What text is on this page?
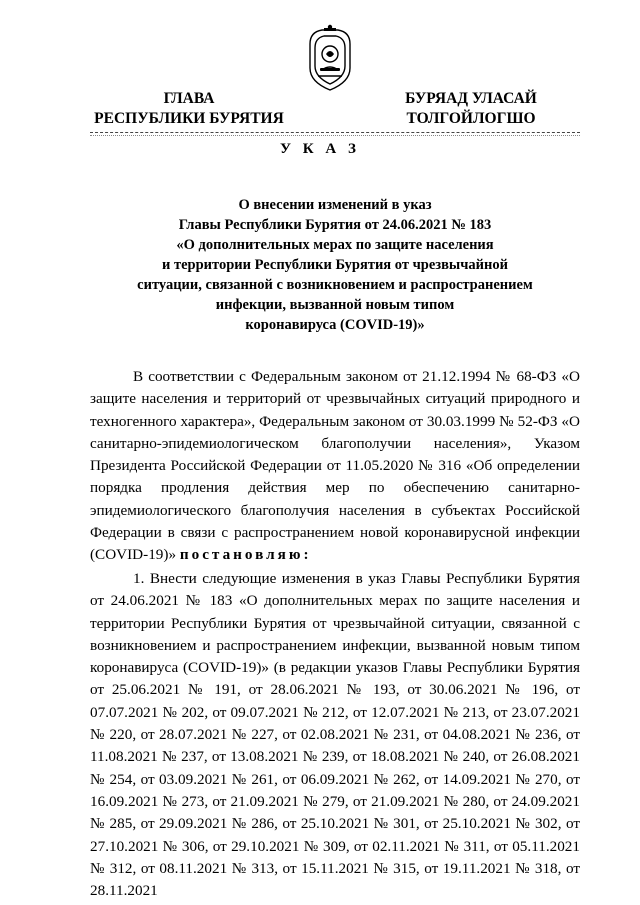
ГЛАВА
РЕСПУБЛИКИ БУРЯТИЯ
БУРЯАД УЛАСАЙ
ТОЛГОЙЛОГШО
У К А З
О внесении изменений в указ
Главы Республики Бурятия от 24.06.2021 № 183
«О дополнительных мерах по защите населения
и территории Республики Бурятия от чрезвычайной
ситуации, связанной с возникновением и распространением
инфекции, вызванной новым типом
коронавируса (COVID-19)»
В соответствии с Федеральным законом от 21.12.1994 № 68-ФЗ «О защите населения и территорий от чрезвычайных ситуаций природного и техногенного характера», Федеральным законом от 30.03.1999 № 52-ФЗ «О санитарно-эпидемиологическом благополучии населения», Указом Президента Российской Федерации от 11.05.2020 № 316 «Об определении порядка продления действия мер по обеспечению санитарно-эпидемиологического благополучия населения в субъектах Российской Федерации в связи с распространением новой коронавирусной инфекции (COVID-19)» постановляю:
1. Внести следующие изменения в указ Главы Республики Бурятия от 24.06.2021 № 183 «О дополнительных мерах по защите населения и территории Республики Бурятия от чрезвычайной ситуации, связанной с возникновением и распространением инфекции, вызванной новым типом коронавируса (COVID-19)» (в редакции указов Главы Республики Бурятия от 25.06.2021 № 191, от 28.06.2021 № 193, от 30.06.2021 № 196, от 07.07.2021 № 202, от 09.07.2021 № 212, от 12.07.2021 № 213, от 23.07.2021 № 220, от 28.07.2021 № 227, от 02.08.2021 № 231, от 04.08.2021 № 236, от 11.08.2021 № 237, от 13.08.2021 № 239, от 18.08.2021 № 240, от 26.08.2021 № 254, от 03.09.2021 № 261, от 06.09.2021 № 262, от 14.09.2021 № 270, от 16.09.2021 № 273, от 21.09.2021 № 279, от 21.09.2021 № 280, от 24.09.2021 № 285, от 29.09.2021 № 286, от 25.10.2021 № 301, от 25.10.2021 № 302, от 27.10.2021 № 306, от 29.10.2021 № 309, от 02.11.2021 № 311, от 05.11.2021 № 312, от 08.11.2021 № 313, от 15.11.2021 № 315, от 19.11.2021 № 318, от 28.11.2021
